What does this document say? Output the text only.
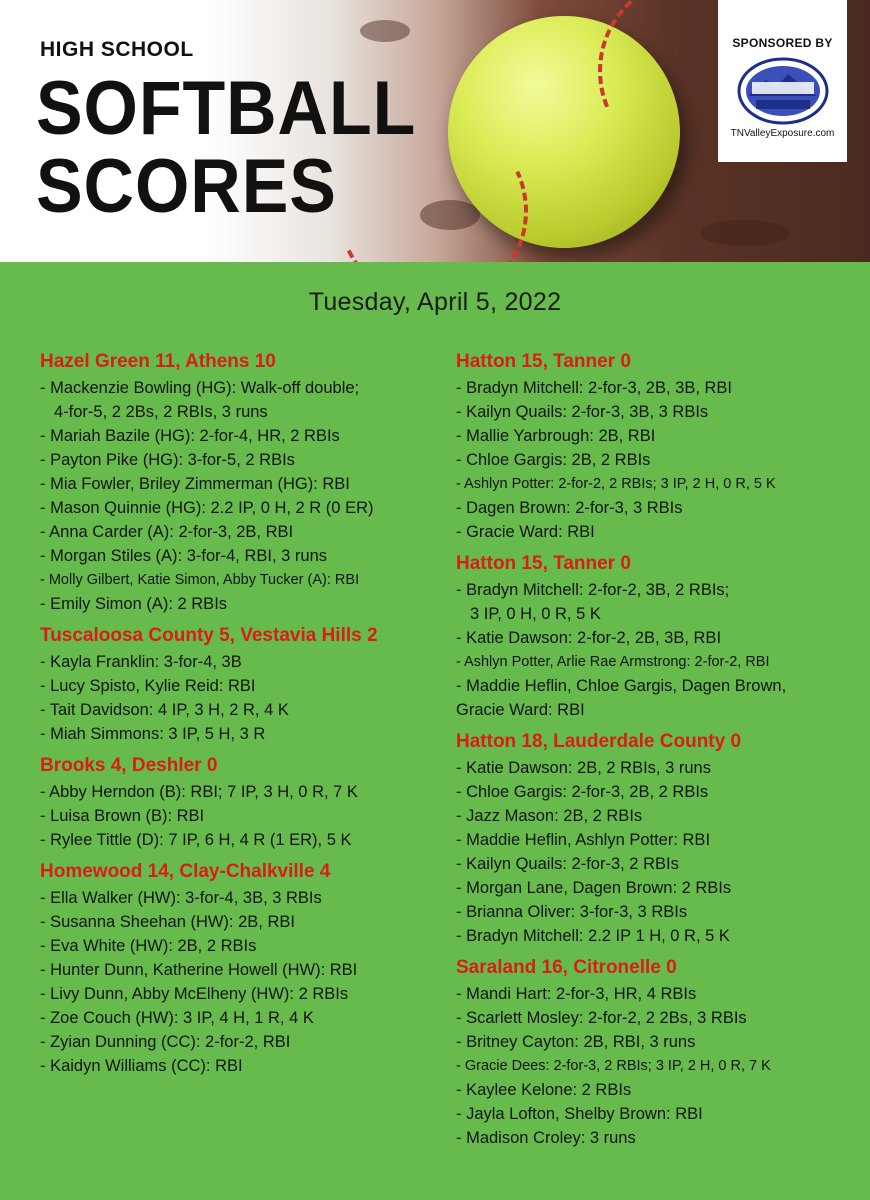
HIGH SCHOOL
SOFTBALL
SCORES
SPONSORED BY
TNValleyExposure.com
Tuesday, April 5, 2022
Hazel Green 11, Athens 10
- Mackenzie Bowling (HG): Walk-off double;
4-for-5, 2 2Bs, 2 RBIs, 3 runs
- Mariah Bazile (HG): 2-for-4, HR, 2 RBIs
- Payton Pike (HG): 3-for-5, 2 RBIs
- Mia Fowler, Briley Zimmerman (HG): RBI
- Mason Quinnie (HG): 2.2 IP, 0 H, 2 R (0 ER)
- Anna Carder (A): 2-for-3, 2B, RBI
- Morgan Stiles (A): 3-for-4, RBI, 3 runs
- Molly Gilbert, Katie Simon, Abby Tucker (A): RBI
- Emily Simon (A): 2 RBIs
Tuscaloosa County 5, Vestavia Hills 2
- Kayla Franklin: 3-for-4, 3B
- Lucy Spisto, Kylie Reid: RBI
- Tait Davidson: 4 IP, 3 H, 2 R, 4 K
- Miah Simmons: 3 IP, 5 H, 3 R
Brooks 4, Deshler 0
- Abby Herndon (B): RBI; 7 IP, 3 H, 0 R, 7 K
- Luisa Brown (B): RBI
- Rylee Tittle (D): 7 IP, 6 H, 4 R (1 ER), 5 K
Homewood 14, Clay-Chalkville 4
- Ella Walker (HW): 3-for-4, 3B, 3 RBIs
- Susanna Sheehan (HW): 2B, RBI
- Eva White (HW): 2B, 2 RBIs
- Hunter Dunn, Katherine Howell (HW): RBI
- Livy Dunn, Abby McElheny (HW): 2 RBIs
- Zoe Couch (HW): 3 IP, 4 H, 1 R, 4 K
- Zyian Dunning (CC): 2-for-2, RBI
- Kaidyn Williams (CC): RBI
Hatton 15, Tanner 0
- Bradyn Mitchell: 2-for-3, 2B, 3B, RBI
- Kailyn Quails: 2-for-3, 3B, 3 RBIs
- Mallie Yarbrough: 2B, RBI
- Chloe Gargis: 2B, 2 RBIs
- Ashlyn Potter: 2-for-2, 2 RBIs; 3 IP, 2 H, 0 R, 5 K
- Dagen Brown: 2-for-3, 3 RBIs
- Gracie Ward: RBI
Hatton 15, Tanner 0
- Bradyn Mitchell: 2-for-2, 3B, 2 RBIs;
3 IP, 0 H, 0 R, 5 K
- Katie Dawson: 2-for-2, 2B, 3B, RBI
- Ashlyn Potter, Arlie Rae Armstrong: 2-for-2, RBI
- Maddie Heflin, Chloe Gargis, Dagen Brown,
Gracie Ward: RBI
Hatton 18, Lauderdale County 0
- Katie Dawson: 2B, 2 RBIs, 3 runs
- Chloe Gargis: 2-for-3, 2B, 2 RBIs
- Jazz Mason: 2B, 2 RBIs
- Maddie Heflin, Ashlyn Potter: RBI
- Kailyn Quails: 2-for-3, 2 RBIs
- Morgan Lane, Dagen Brown: 2 RBIs
- Brianna Oliver: 3-for-3, 3 RBIs
- Bradyn Mitchell: 2.2 IP 1 H, 0 R, 5 K
Saraland 16, Citronelle 0
- Mandi Hart: 2-for-3, HR, 4 RBIs
- Scarlett Mosley: 2-for-2, 2 2Bs, 3 RBIs
- Britney Cayton: 2B, RBI, 3 runs
- Gracie Dees: 2-for-3, 2 RBIs; 3 IP, 2 H, 0 R, 7 K
- Kaylee Kelone: 2 RBIs
- Jayla Lofton, Shelby Brown: RBI
- Madison Croley: 3 runs
